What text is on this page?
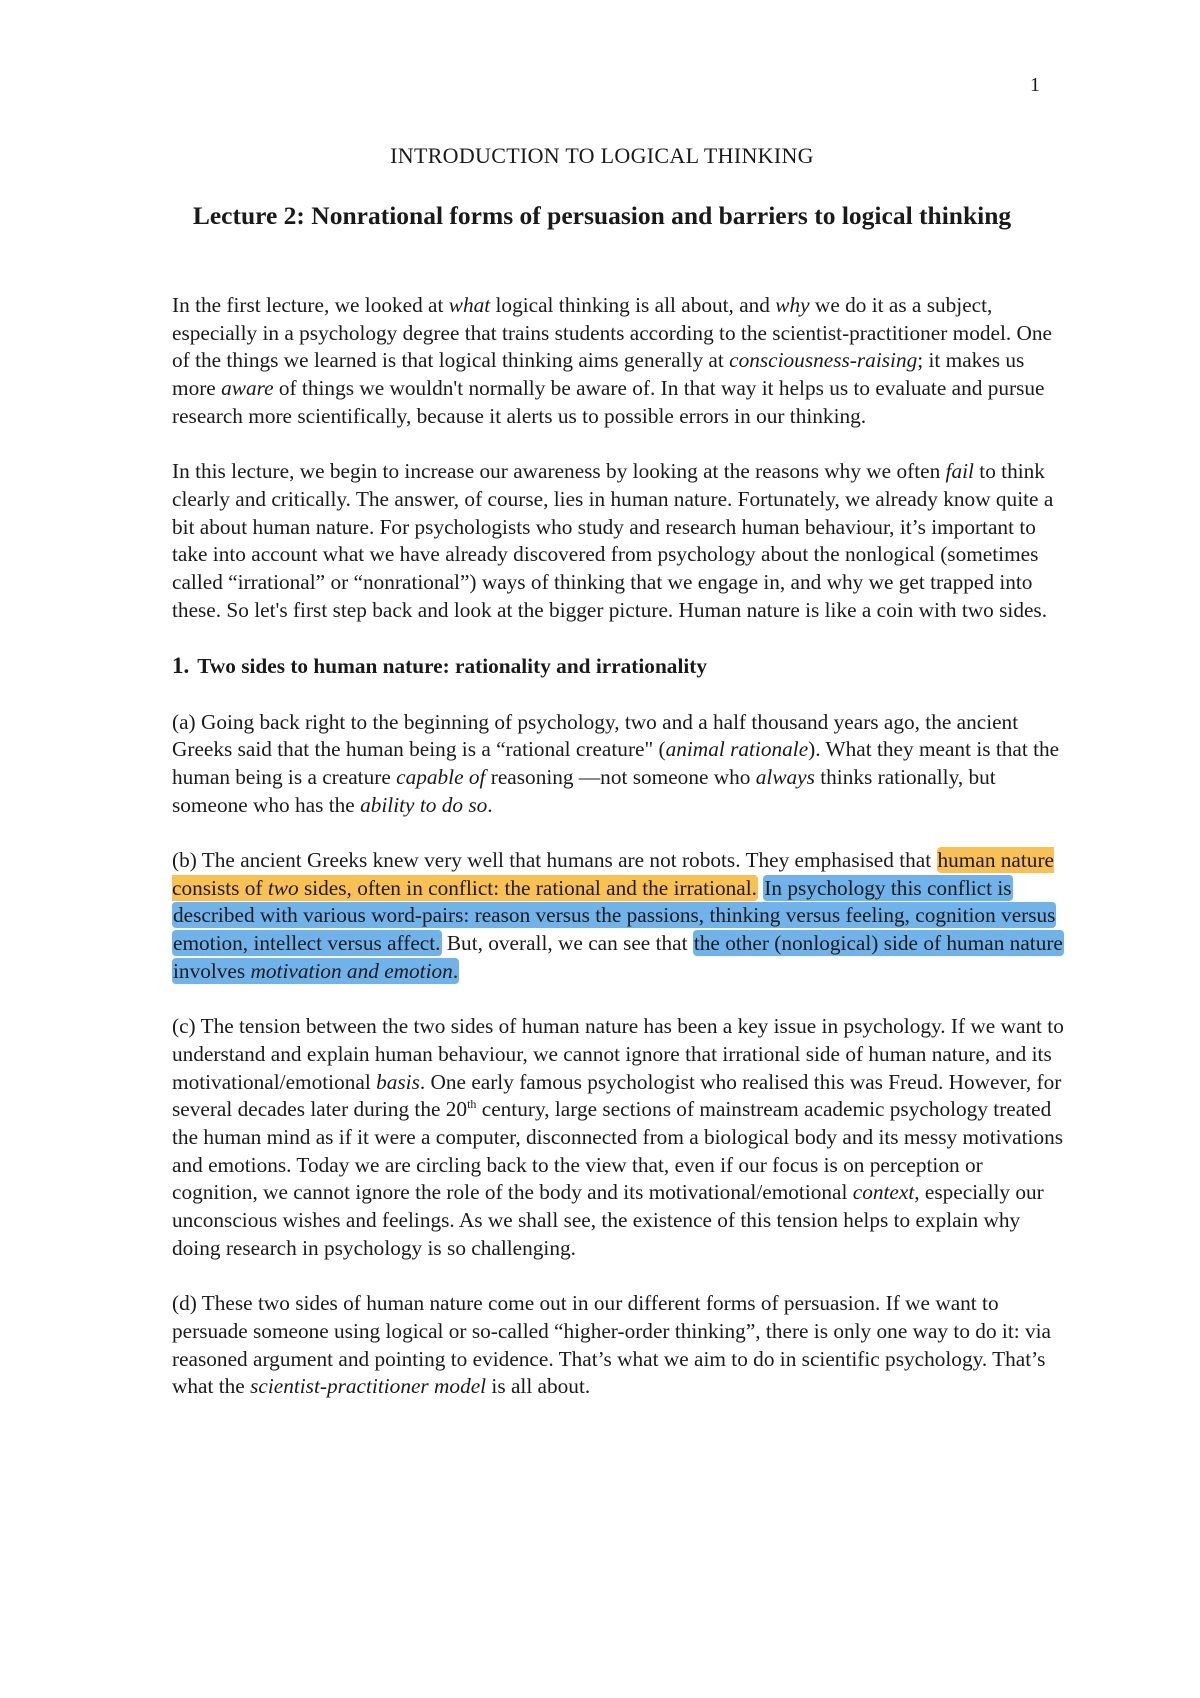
1
INTRODUCTION TO LOGICAL THINKING
Lecture 2: Nonrational forms of persuasion and barriers to logical thinking

In the first lecture, we looked at what logical thinking is all about, and why we do it as a subject, especially in a psychology degree that trains students according to the scientist-practitioner model. One of the things we learned is that logical thinking aims generally at consciousness-raising; it makes us more aware of things we wouldn't normally be aware of. In that way it helps us to evaluate and pursue research more scientifically, because it alerts us to possible errors in our thinking.

In this lecture, we begin to increase our awareness by looking at the reasons why we often fail to think clearly and critically. The answer, of course, lies in human nature. Fortunately, we already know quite a bit about human nature. For psychologists who study and research human behaviour, it’s important to take into account what we have already discovered from psychology about the nonlogical (sometimes called “irrational” or “nonrational”) ways of thinking that we engage in, and why we get trapped into these. So let's first step back and look at the bigger picture. Human nature is like a coin with two sides.

1. Two sides to human nature: rationality and irrationality

(a) Going back right to the beginning of psychology, two and a half thousand years ago, the ancient Greeks said that the human being is a “rational creature" (animal rationale). What they meant is that the human being is a creature capable of reasoning —not someone who always thinks rationally, but someone who has the ability to do so.

(b) The ancient Greeks knew very well that humans are not robots. They emphasised that human nature consists of two sides, often in conflict: the rational and the irrational. In psychology this conflict is described with various word-pairs: reason versus the passions, thinking versus feeling, cognition versus emotion, intellect versus affect. But, overall, we can see that the other (nonlogical) side of human nature involves motivation and emotion.

(c) The tension between the two sides of human nature has been a key issue in psychology. If we want to understand and explain human behaviour, we cannot ignore that irrational side of human nature, and its motivational/emotional basis. One early famous psychologist who realised this was Freud. However, for several decades later during the 20th century, large sections of mainstream academic psychology treated the human mind as if it were a computer, disconnected from a biological body and its messy motivations and emotions. Today we are circling back to the view that, even if our focus is on perception or cognition, we cannot ignore the role of the body and its motivational/emotional context, especially our unconscious wishes and feelings. As we shall see, the existence of this tension helps to explain why doing research in psychology is so challenging.

(d) These two sides of human nature come out in our different forms of persuasion. If we want to persuade someone using logical or so-called “higher-order thinking”, there is only one way to do it: via reasoned argument and pointing to evidence. That’s what we aim to do in scientific psychology. That’s what the scientist-practitioner model is all about.
